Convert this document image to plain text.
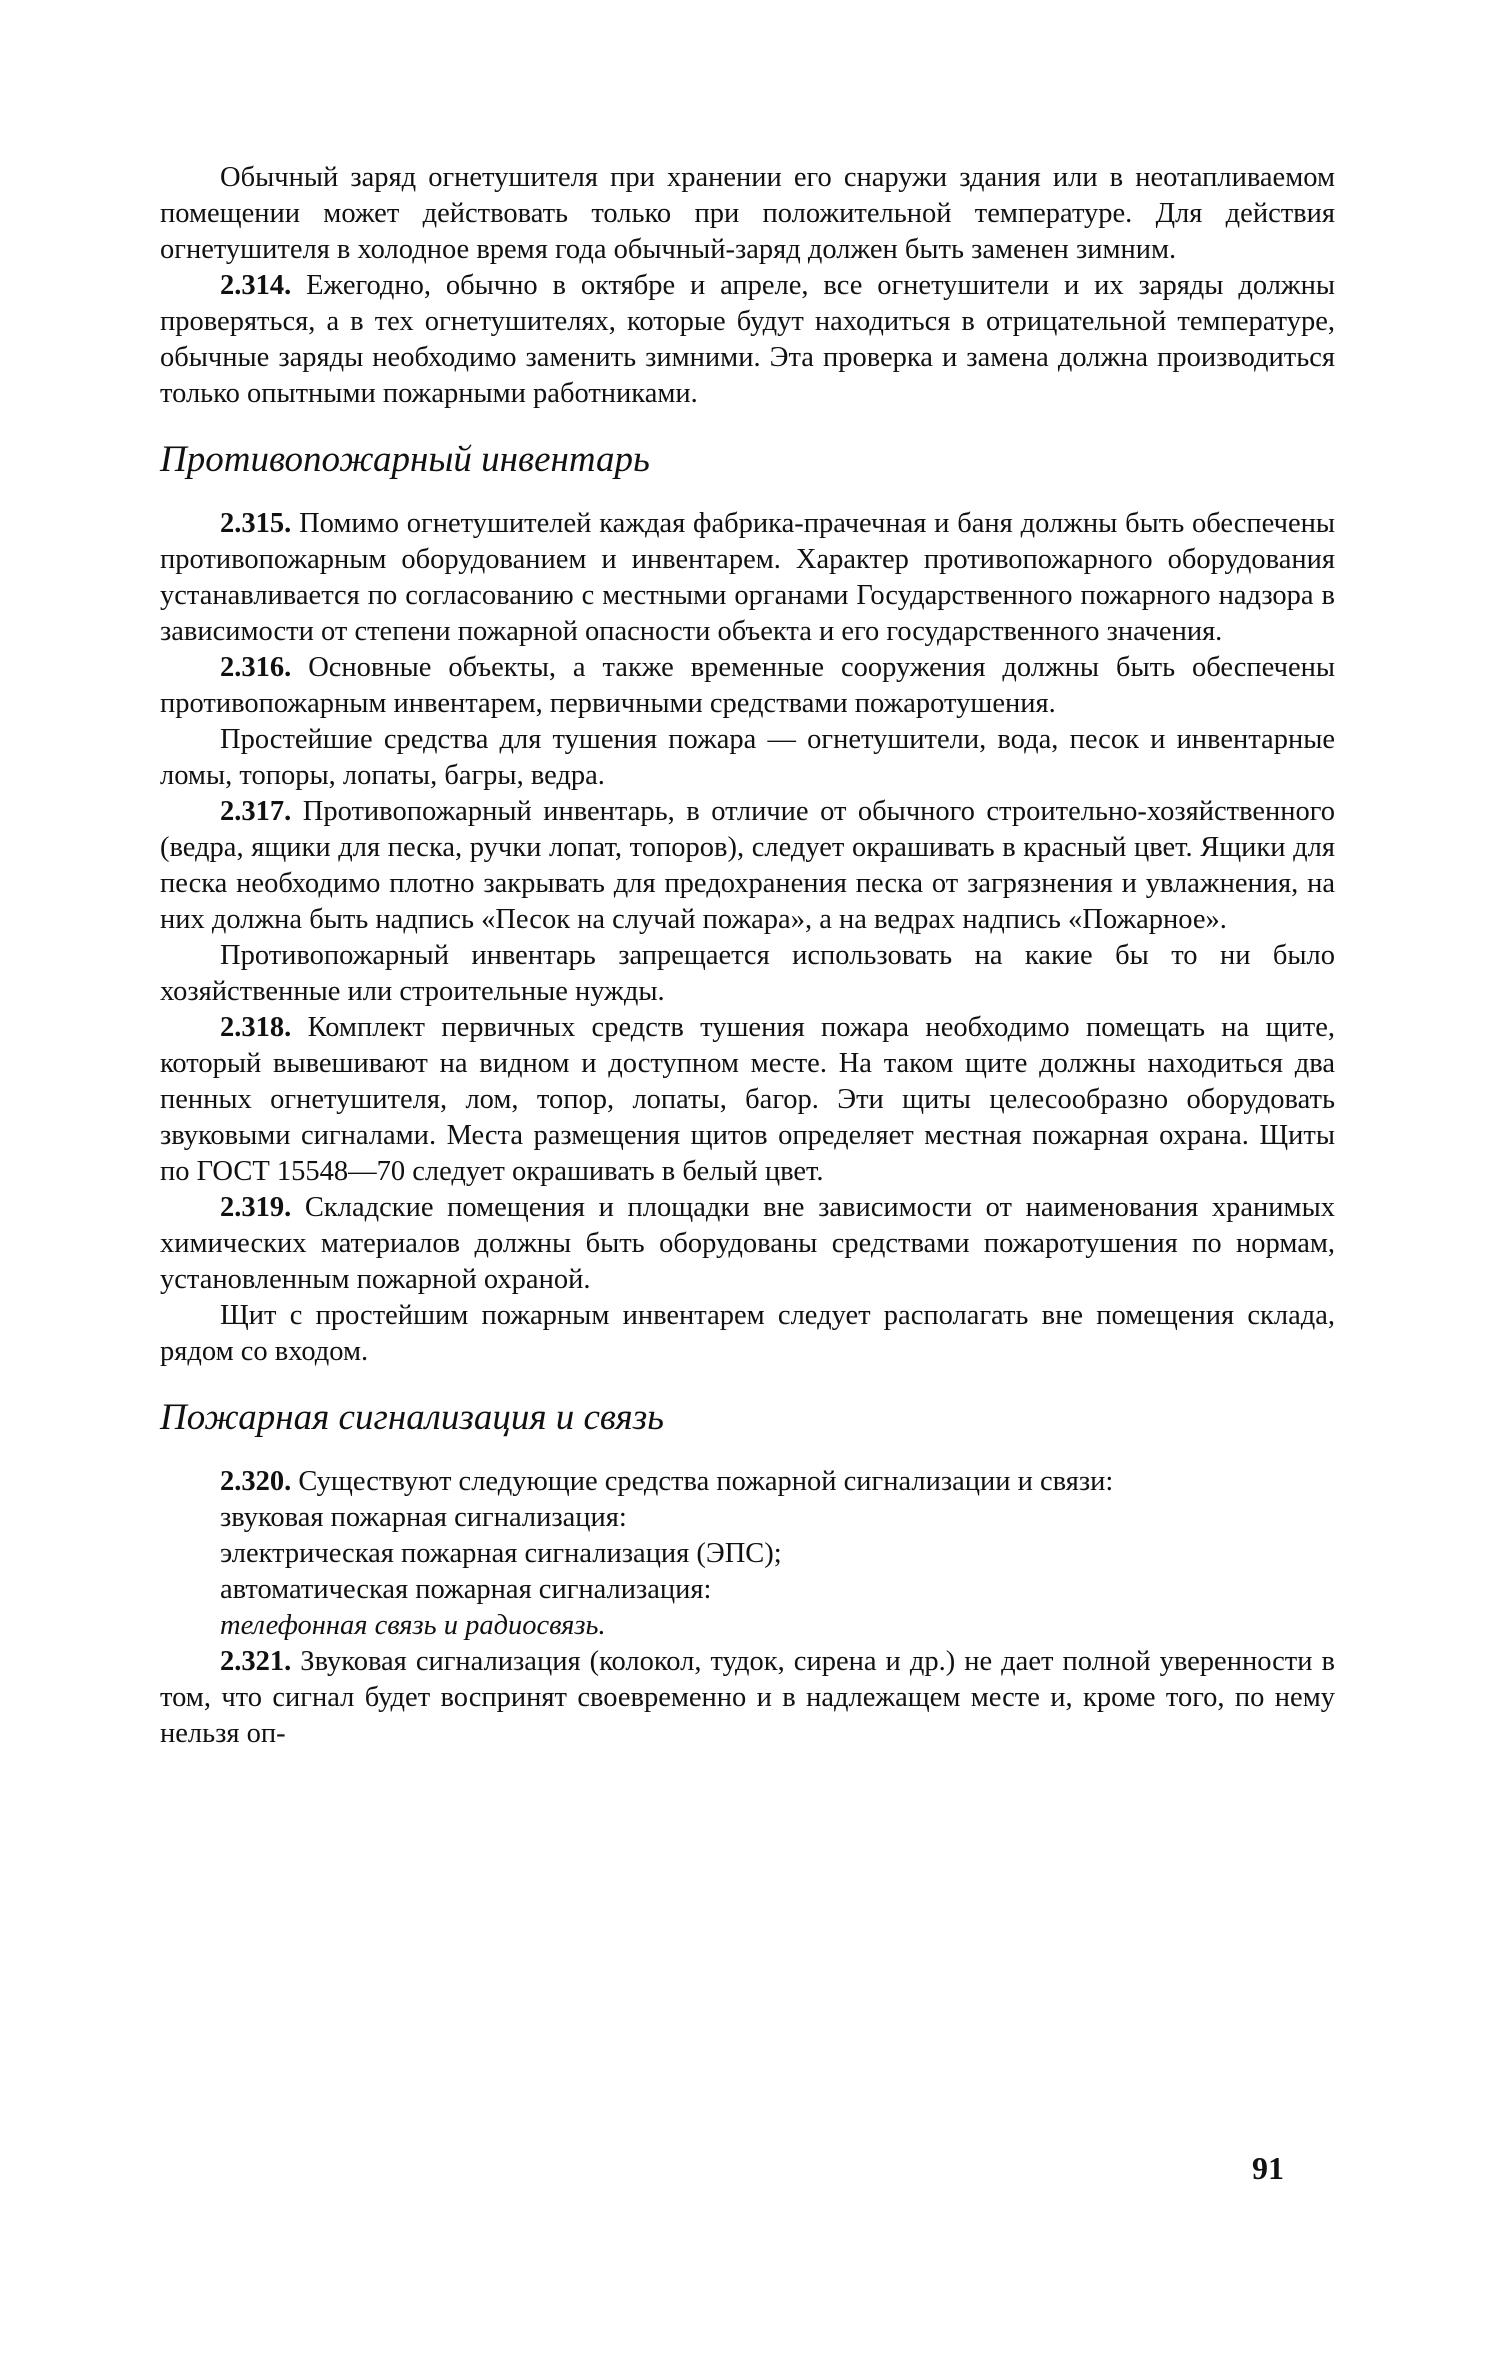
Обычный заряд огнетушителя при хранении его снаружи здания или в неотапливаемом помещении может действовать только при положительной температуре. Для действия огнетушителя в холодное время года обычный-заряд должен быть заменен зимним.

2.314. Ежегодно, обычно в октябре и апреле, все огнетушители и их заряды должны проверяться, а в тех огнетушителях, которые будут находиться в отрицательной температуре, обычные заряды необходимо заменить зимними. Эта проверка и замена должна производиться только опытными пожарными работниками.

Противопожарный инвентарь

2.315. Помимо огнетушителей каждая фабрика-прачечная и баня должны быть обеспечены противопожарным оборудованием и инвентарем. Характер противопожарного оборудования устанавливается по согласованию с местными органами Государственного пожарного надзора в зависимости от степени пожарной опасности объекта и его государственного значения.

2.316. Основные объекты, а также временные сооружения должны быть обеспечены противопожарным инвентарем, первичными средствами пожаротушения.

Простейшие средства для тушения пожара — огнетушители, вода, песок и инвентарные ломы, топоры, лопаты, багры, ведра.

2.317. Противопожарный инвентарь, в отличие от обычного строительно-хозяйственного (ведра, ящики для песка, ручки лопат, топоров), следует окрашивать в красный цвет. Ящики для песка необходимо плотно закрывать для предохранения песка от загрязнения и увлажнения, на них должна быть надпись «Песок на случай пожара», а на ведрах надпись «Пожарное».

Противопожарный инвентарь запрещается использовать на какие бы то ни было хозяйственные или строительные нужды.

2.318. Комплект первичных средств тушения пожара необходимо помещать на щите, который вывешивают на видном и доступном месте. На таком щите должны находиться два пенных огнетушителя, лом, топор, лопаты, багор. Эти щиты целесообразно оборудовать звуковыми сигналами. Места размещения щитов определяет местная пожарная охрана. Щиты по ГОСТ 15548—70 следует окрашивать в белый цвет.

2.319. Складские помещения и площадки вне зависимости от наименования хранимых химических материалов должны быть оборудованы средствами пожаротушения по нормам, установленным пожарной охраной.

Щит с простейшим пожарным инвентарем следует располагать вне помещения склада, рядом со входом.

Пожарная сигнализация и связь

2.320. Существуют следующие средства пожарной сигнализации и связи:

звуковая пожарная сигнализация:

электрическая пожарная сигнализация (ЭПС);

автоматическая пожарная сигнализация:

телефонная связь и радиосвязь.

2.321. Звуковая сигнализация (колокол, тудок, сирена и др.) не дает полной уверенности в том, что сигнал будет воспринят своевременно и в надлежащем месте и, кроме того, по нему нельзя оп-

91
